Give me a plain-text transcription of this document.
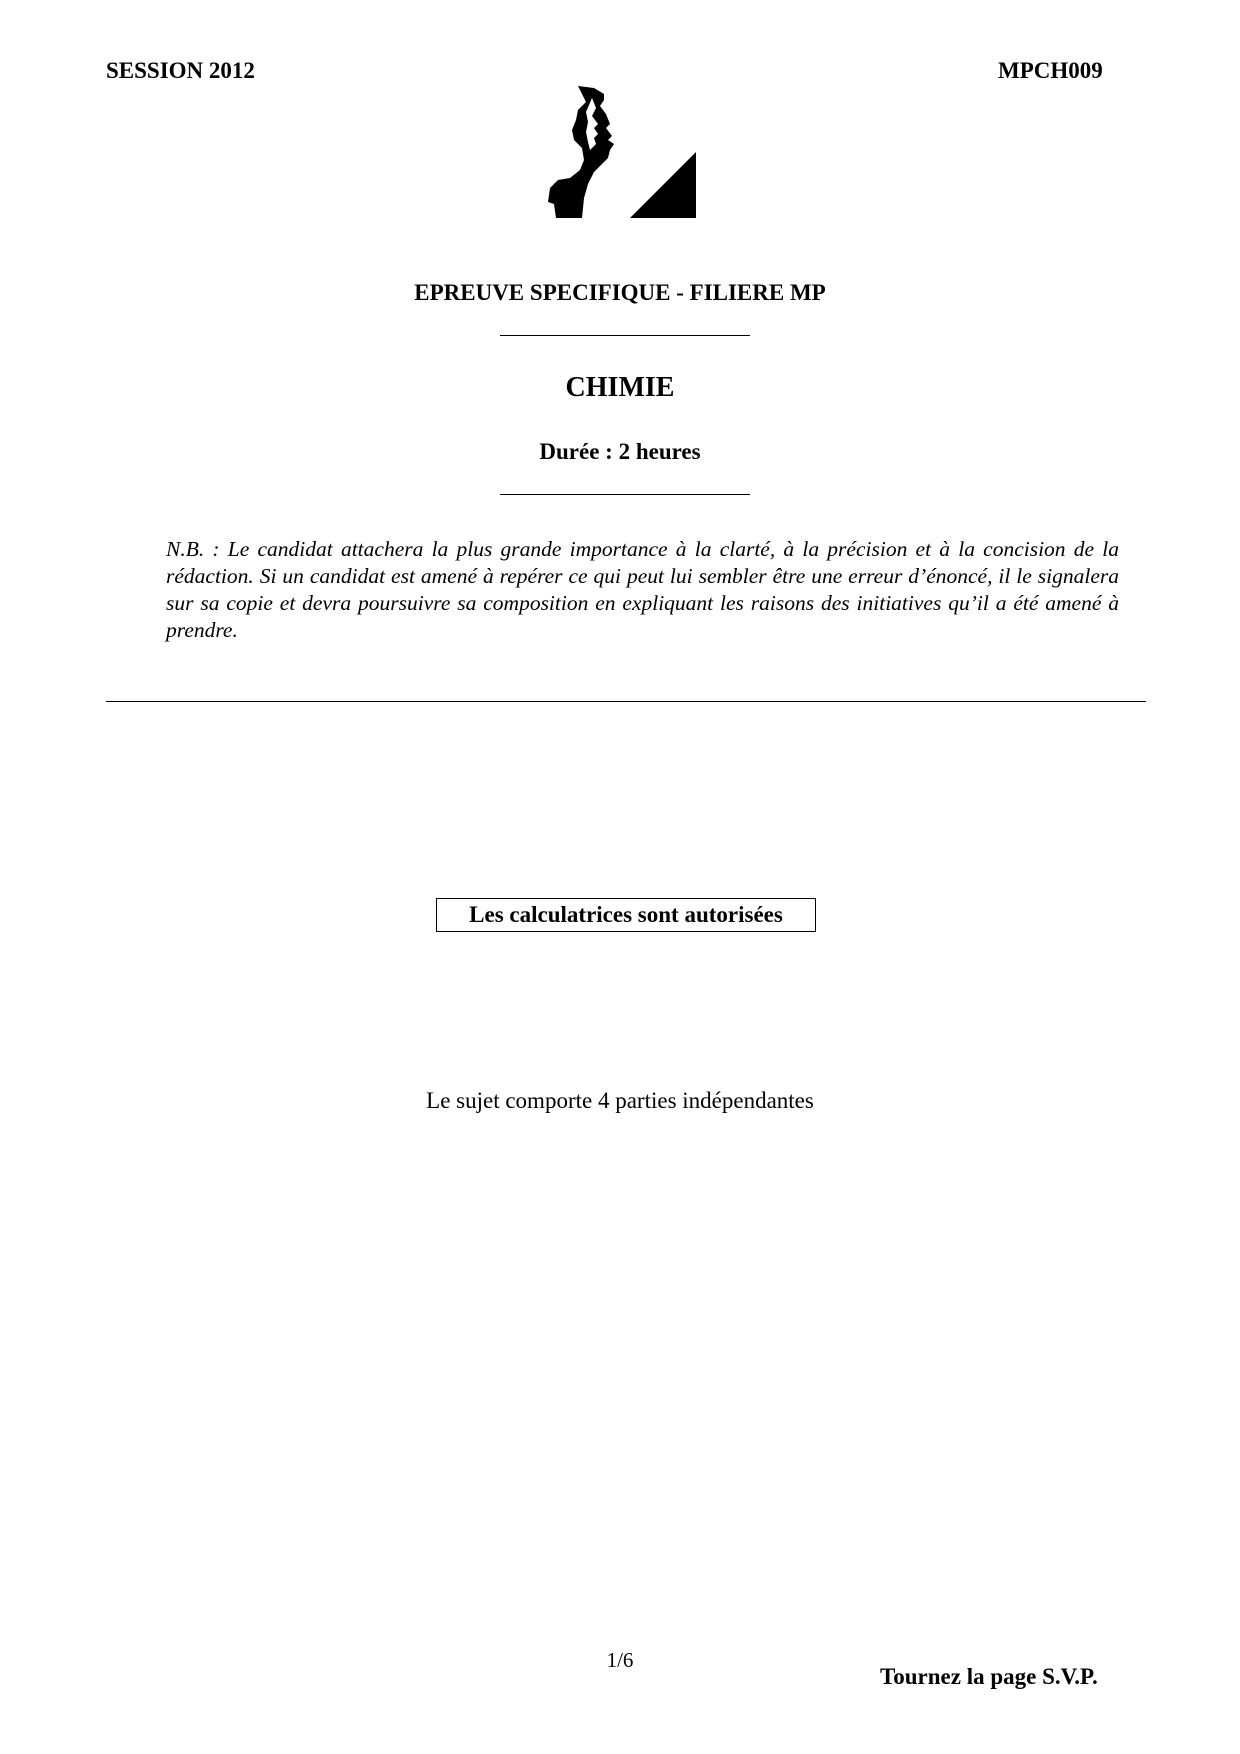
SESSION 2012	MPCH009
EPREUVE SPECIFIQUE - FILIERE MP
CHIMIE
Durée : 2 heures
N.B. : Le candidat attachera la plus grande importance à la clarté, à la précision et à la concision de la rédaction. Si un candidat est amené à repérer ce qui peut lui sembler être une erreur d’énoncé, il le signalera sur sa copie et devra poursuivre sa composition en expliquant les raisons des initiatives qu’il a été amené à prendre.
Les calculatrices sont autorisées
Le sujet comporte 4 parties indépendantes
1/6
Tournez la page S.V.P.
